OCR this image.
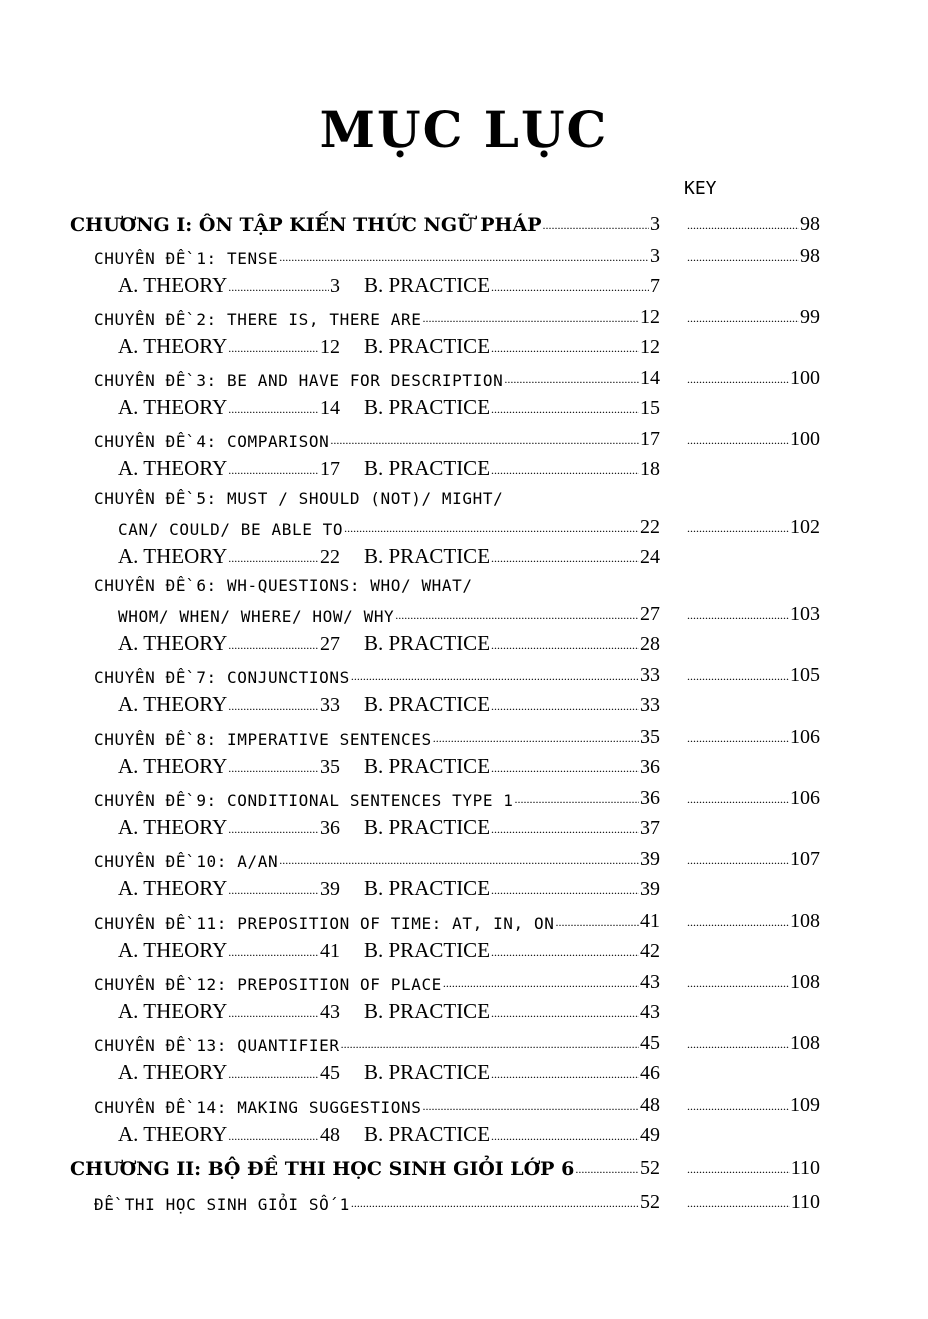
MỤC LỤC
KEY
CHƯƠNG I: ÔN TẬP KIẾN THỨC NGỮ PHÁP .....	3 .....	98
CHUYÊN ĐỀ 1: TENSE .....	3 .....	98
A. THEORY .....	3 B. PRACTICE .....	7
CHUYÊN ĐỀ 2: THERE IS, THERE ARE .....	12 .....	99
A. THEORY .....	12 B. PRACTICE .....	12
CHUYÊN ĐỀ 3: BE AND HAVE FOR DESCRIPTION .....	14 .....	100
A. THEORY .....	14 B. PRACTICE .....	15
CHUYÊN ĐỀ 4: COMPARISON .....	17 .....	100
A. THEORY .....	17 B. PRACTICE .....	18
CHUYÊN ĐỀ 5: MUST / SHOULD (NOT)/ MIGHT/
CAN/ COULD/ BE ABLE TO .....	22 .....	102
A. THEORY .....	22 B. PRACTICE .....	24
CHUYÊN ĐỀ 6: WH-QUESTIONS: WHO/ WHAT/
WHOM/ WHEN/ WHERE/ HOW/ WHY .....	27 .....	103
A. THEORY .....	27 B. PRACTICE .....	28
CHUYÊN ĐỀ 7: CONJUNCTIONS .....	33 .....	105
A. THEORY .....	33 B. PRACTICE .....	33
CHUYÊN ĐỀ 8: IMPERATIVE SENTENCES .....	35 .....	106
A. THEORY .....	35 B. PRACTICE .....	36
CHUYÊN ĐỀ 9: CONDITIONAL SENTENCES TYPE 1 .....	36 .....	106
A. THEORY .....	36 B. PRACTICE .....	37
CHUYÊN ĐỀ 10: A/AN .....	39 .....	107
A. THEORY .....	39 B. PRACTICE .....	39
CHUYÊN ĐỀ 11: PREPOSITION OF TIME: AT, IN, ON .....	41 .....	108
A. THEORY .....	41 B. PRACTICE .....	42
CHUYÊN ĐỀ 12: PREPOSITION OF PLACE .....	43 .....	108
A. THEORY .....	43 B. PRACTICE .....	43
CHUYÊN ĐỀ 13: QUANTIFIER .....	45 .....	108
A. THEORY .....	45 B. PRACTICE .....	46
CHUYÊN ĐỀ 14: MAKING SUGGESTIONS .....	48 .....	109
A. THEORY .....	48 B. PRACTICE .....	49
CHƯƠNG II: BỘ ĐỀ THI HỌC SINH GIỎI LỚP 6 .....	52 .....	110
ĐỀ THI HỌC SINH GIỎI SỐ 1 .....	52 .....	110
